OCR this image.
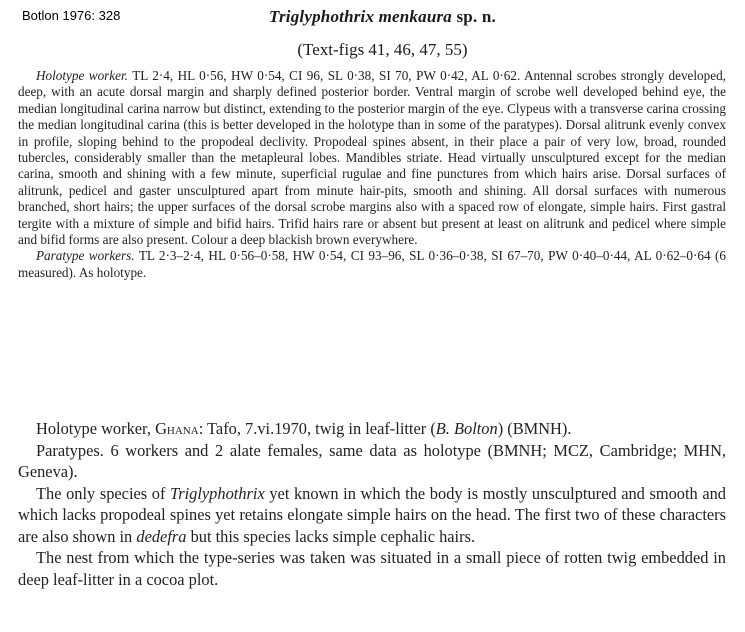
Botlon 1976: 328	Triglyphothrix menkaura sp. n.
(Text-figs 41, 46, 47, 55)

Holotype worker. TL 2·4, HL 0·56, HW 0·54, CI 96, SL 0·38, SI 70, PW 0·42, AL 0·62. Antennal scrobes strongly developed, deep, with an acute dorsal margin and sharply defined posterior border. Ventral margin of scrobe well developed behind eye, the median longitudinal carina narrow but distinct, extending to the posterior margin of the eye. Clypeus with a transverse carina crossing the median longitudinal carina (this is better developed in the holotype than in some of the paratypes). Dorsal alitrunk evenly convex in profile, sloping behind to the propodeal declivity. Propodeal spines absent, in their place a pair of very low, broad, rounded tubercles, considerably smaller than the metapleural lobes. Mandibles striate. Head virtually unsculptured except for the median carina, smooth and shining with a few minute, superficial rugulae and fine punctures from which hairs arise. Dorsal surfaces of alitrunk, pedicel and gaster unsculptured apart from minute hair-pits, smooth and shining. All dorsal surfaces with numerous branched, short hairs; the upper surfaces of the dorsal scrobe margins also with a spaced row of elongate, simple hairs. First gastral tergite with a mixture of simple and bifid hairs. Trifid hairs rare or absent but present at least on alitrunk and pedicel where simple and bifid forms are also present. Colour a deep blackish brown everywhere.

Paratype workers. TL 2·3–2·4, HL 0·56–0·58, HW 0·54, CI 93–96, SL 0·36–0·38, SI 67–70, PW 0·40–0·44, AL 0·62–0·64 (6 measured). As holotype.

Holotype worker, Ghana: Tafo, 7.vi.1970, twig in leaf-litter (B. Bolton) (BMNH).

Paratypes. 6 workers and 2 alate females, same data as holotype (BMNH; MCZ, Cambridge; MHN, Geneva).

The only species of Triglyphothrix yet known in which the body is mostly unsculptured and smooth and which lacks propodeal spines yet retains elongate simple hairs on the head. The first two of these characters are also shown in dedefra but this species lacks simple cephalic hairs.

The nest from which the type-series was taken was situated in a small piece of rotten twig embedded in deep leaf-litter in a cocoa plot.
